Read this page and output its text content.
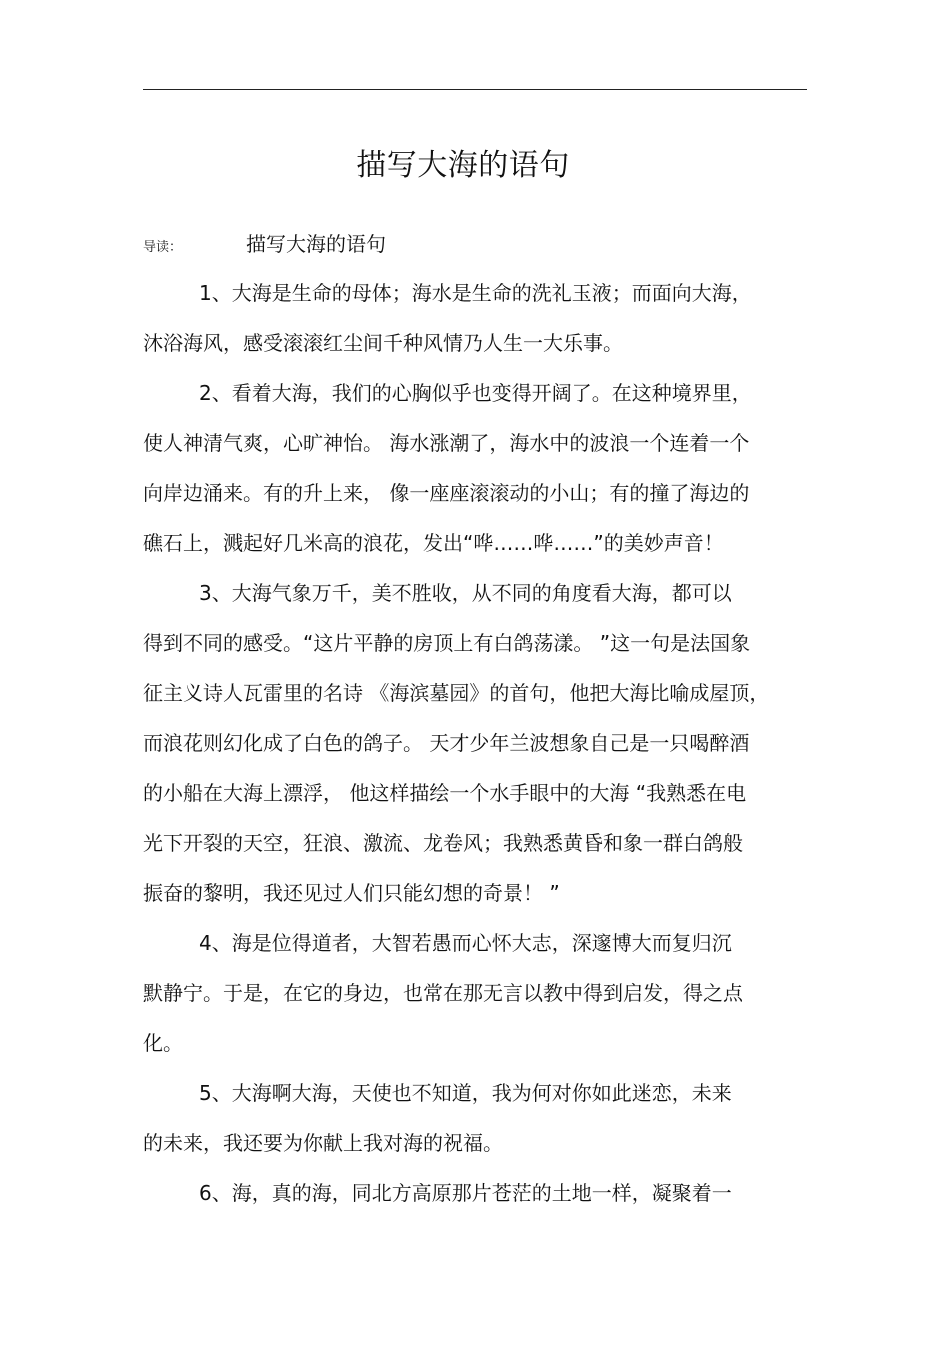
描写大海的语句
导读：	描写大海的语句
1、大海是生命的母体；海水是生命的洗礼玉液；而面向大海，
沐浴海风，感受滚滚红尘间千种风情乃人生一大乐事。
2、看着大海，我们的心胸似乎也变得开阔了。在这种境界里，
使人神清气爽，心旷神怡。 海水涨潮了，海水中的波浪一个连着一个
向岸边涌来。有的升上来， 像一座座滚滚动的小山；有的撞了海边的
礁石上，溅起好几米高的浪花，发出“哗……哗……”的美妙声音！
3、大海气象万千，美不胜收，从不同的角度看大海，都可以
得到不同的感受。“这片平静的房顶上有白鸽荡漾。 ”这一句是法国象
征主义诗人瓦雷里的名诗 《海滨墓园》的首句，他把大海比喻成屋顶，
而浪花则幻化成了白色的鸽子。 天才少年兰波想象自己是一只喝醉酒
的小船在大海上漂浮， 他这样描绘一个水手眼中的大海 “我熟悉在电
光下开裂的天空，狂浪、激流、龙卷风；我熟悉黄昏和象一群白鸽般
振奋的黎明，我还见过人们只能幻想的奇景！ ”
4、海是位得道者，大智若愚而心怀大志，深邃博大而复归沉
默静宁。于是，在它的身边，也常在那无言以教中得到启发，得之点
化。
5、大海啊大海，天使也不知道，我为何对你如此迷恋，未来
的未来，我还要为你献上我对海的祝福。
6、海，真的海，同北方高原那片苍茫的土地一样，凝聚着一
